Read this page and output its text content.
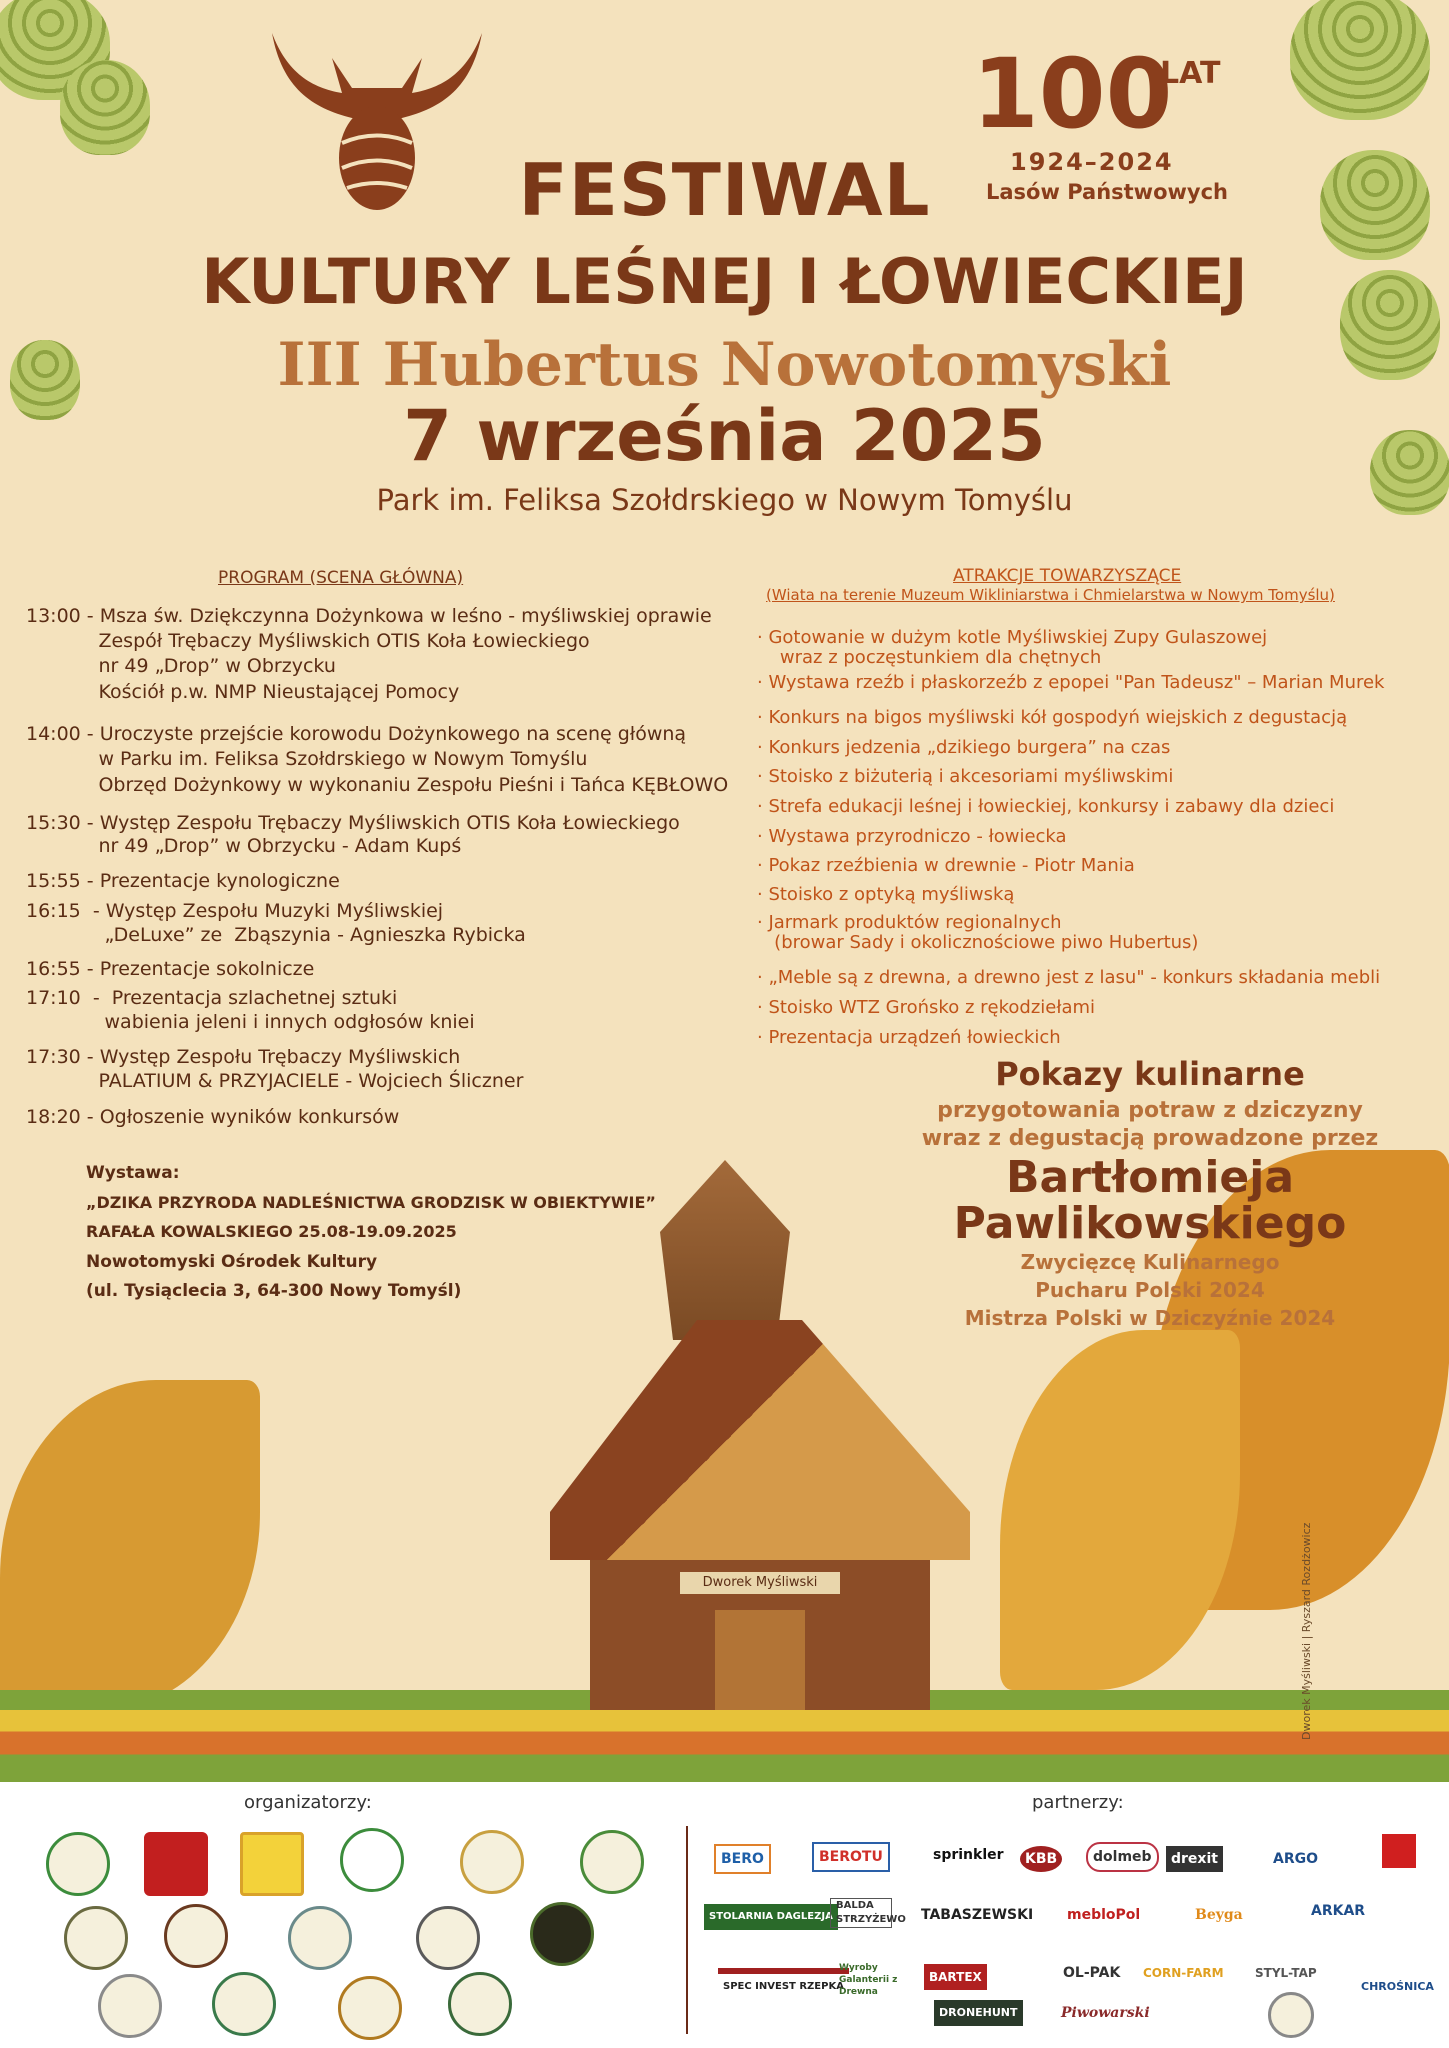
Dworek Myśliwski
100
LAT
1924–2024
Lasów Państwowych
FESTIWAL
KULTURY LEŚNEJ I ŁOWIECKIEJ
III Hubertus Nowotomyski
7 września 2025
Park im. Feliksa Szołdrskiego w Nowym Tomyślu
PROGRAM (SCENA GŁÓWNA)
13:00 - Msza św. Dziękczynna Dożynkowa w leśno - myśliwskiej oprawie
Zespół Trębaczy Myśliwskich OTIS Koła Łowieckiego
nr 49 „Drop” w Obrzycku
Kościół p.w. NMP Nieustającej Pomocy
14:00 - Uroczyste przejście korowodu Dożynkowego na scenę główną
w Parku im. Feliksa Szołdrskiego w Nowym Tomyślu
Obrzęd Dożynkowy w wykonaniu Zespołu Pieśni i Tańca KĘBŁOWO
15:30 - Występ Zespołu Trębaczy Myśliwskich OTIS Koła Łowieckiego
nr 49 „Drop” w Obrzycku - Adam Kupś
15:55 - Prezentacje kynologiczne
16:15  - Występ Zespołu Muzyki Myśliwskiej
„DeLuxe” ze  Zbąszynia - Agnieszka Rybicka
16:55 - Prezentacje sokolnicze
17:10  -  Prezentacja szlachetnej sztuki
wabienia jeleni i innych odgłosów kniei
17:30 - Występ Zespołu Trębaczy Myśliwskich
PALATIUM & PRZYJACIELE - Wojciech Śliczner
18:20 - Ogłoszenie wyników konkursów
Wystawa:
„DZIKA PRZYRODA NADLEŚNICTWA GRODZISK W OBIEKTYWIE”
RAFAŁA KOWALSKIEGO 25.08-19.09.2025
Nowotomyski Ośrodek Kultury
(ul. Tysiąclecia 3, 64-300 Nowy Tomyśl)
ATRAKCJE TOWARZYSZĄCE
(Wiata na terenie Muzeum Wikliniarstwa i Chmielarstwa w Nowym Tomyślu)
· Gotowanie w dużym kotle Myśliwskiej Zupy Gulaszowej
wraz z poczęstunkiem dla chętnych
· Wystawa rzeźb i płaskorzeźb z epopei "Pan Tadeusz" – Marian Murek
· Konkurs na bigos myśliwski kół gospodyń wiejskich z degustacją
· Konkurs jedzenia „dzikiego burgera” na czas
· Stoisko z biżuterią i akcesoriami myśliwskimi
· Strefa edukacji leśnej i łowieckiej, konkursy i zabawy dla dzieci
· Wystawa przyrodniczo - łowiecka
· Pokaz rzeźbienia w drewnie - Piotr Mania
· Stoisko z optyką myśliwską
· Jarmark produktów regionalnych
(browar Sady i okolicznościowe piwo Hubertus)
· „Meble są z drewna, a drewno jest z lasu" - konkurs składania mebli
· Stoisko WTZ Grońsko z rękodziełami
· Prezentacja urządzeń łowieckich
Pokazy kulinarne
przygotowania potraw z dziczyzny
wraz z degustacją prowadzone przez
Bartłomieja
Pawlikowskiego
Zwycięzcę Kulinarnego
Pucharu Polski 2024
Mistrza Polski w Dziczyźnie 2024
Dworek Myśliwski | Ryszard Rozdżowicz
organizatorzy:	partnerzy:
BERO	BEROTU	sprinkler	KBB	dolmeb	drexit	ARGO
STOLARNIA DAGLEZJA
BALDA STRZYŻEWO	TABASZEWSKI	mebloPol	Beyga	ARKAR
SPEC INVEST RZEPKA
Wyroby Galanterii z Drewna
BARTEX	OL-PAK	CORN-FARM	STYL-TAP
CHROŚNICA
DRONEHUNT	Piwowarski
